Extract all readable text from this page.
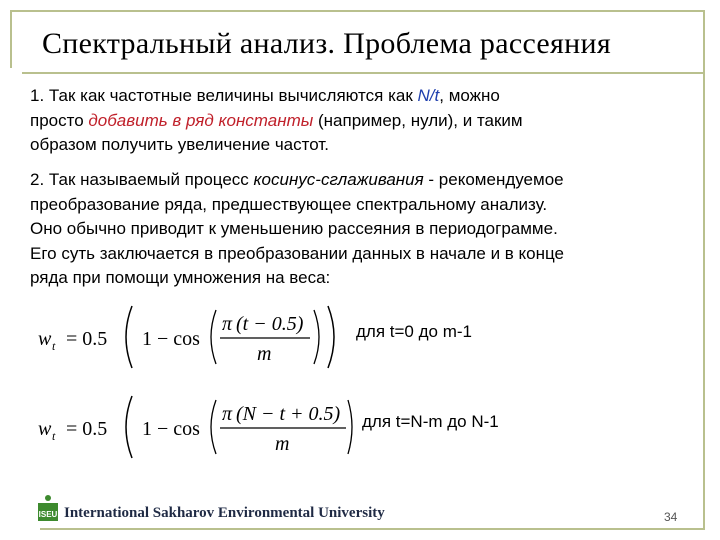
Спектральный анализ. Проблема рассеяния
1. Так как частотные величины вычисляются как N/t, можно
просто добавить в ряд константы (например, нули), и таким
образом получить увеличение частот.
2. Так называемый процесс косинус-сглаживания - рекомендуемое
преобразование ряда, предшествующее спектральному анализу.
Оно обычно приводит к уменьшению рассеяния в периодограмме.
Его суть заключается в преобразовании данных в начале и в конце
ряда при помощи умножения на веса:
w t = 0.5 1 − cos
π (t − 0.5)
m
для t=0 до m-1
w t = 0.5 1 − cos
π (N − t + 0.5)
m
для t=N-m до N-1
ISEU International Sakharov Environmental University	34
